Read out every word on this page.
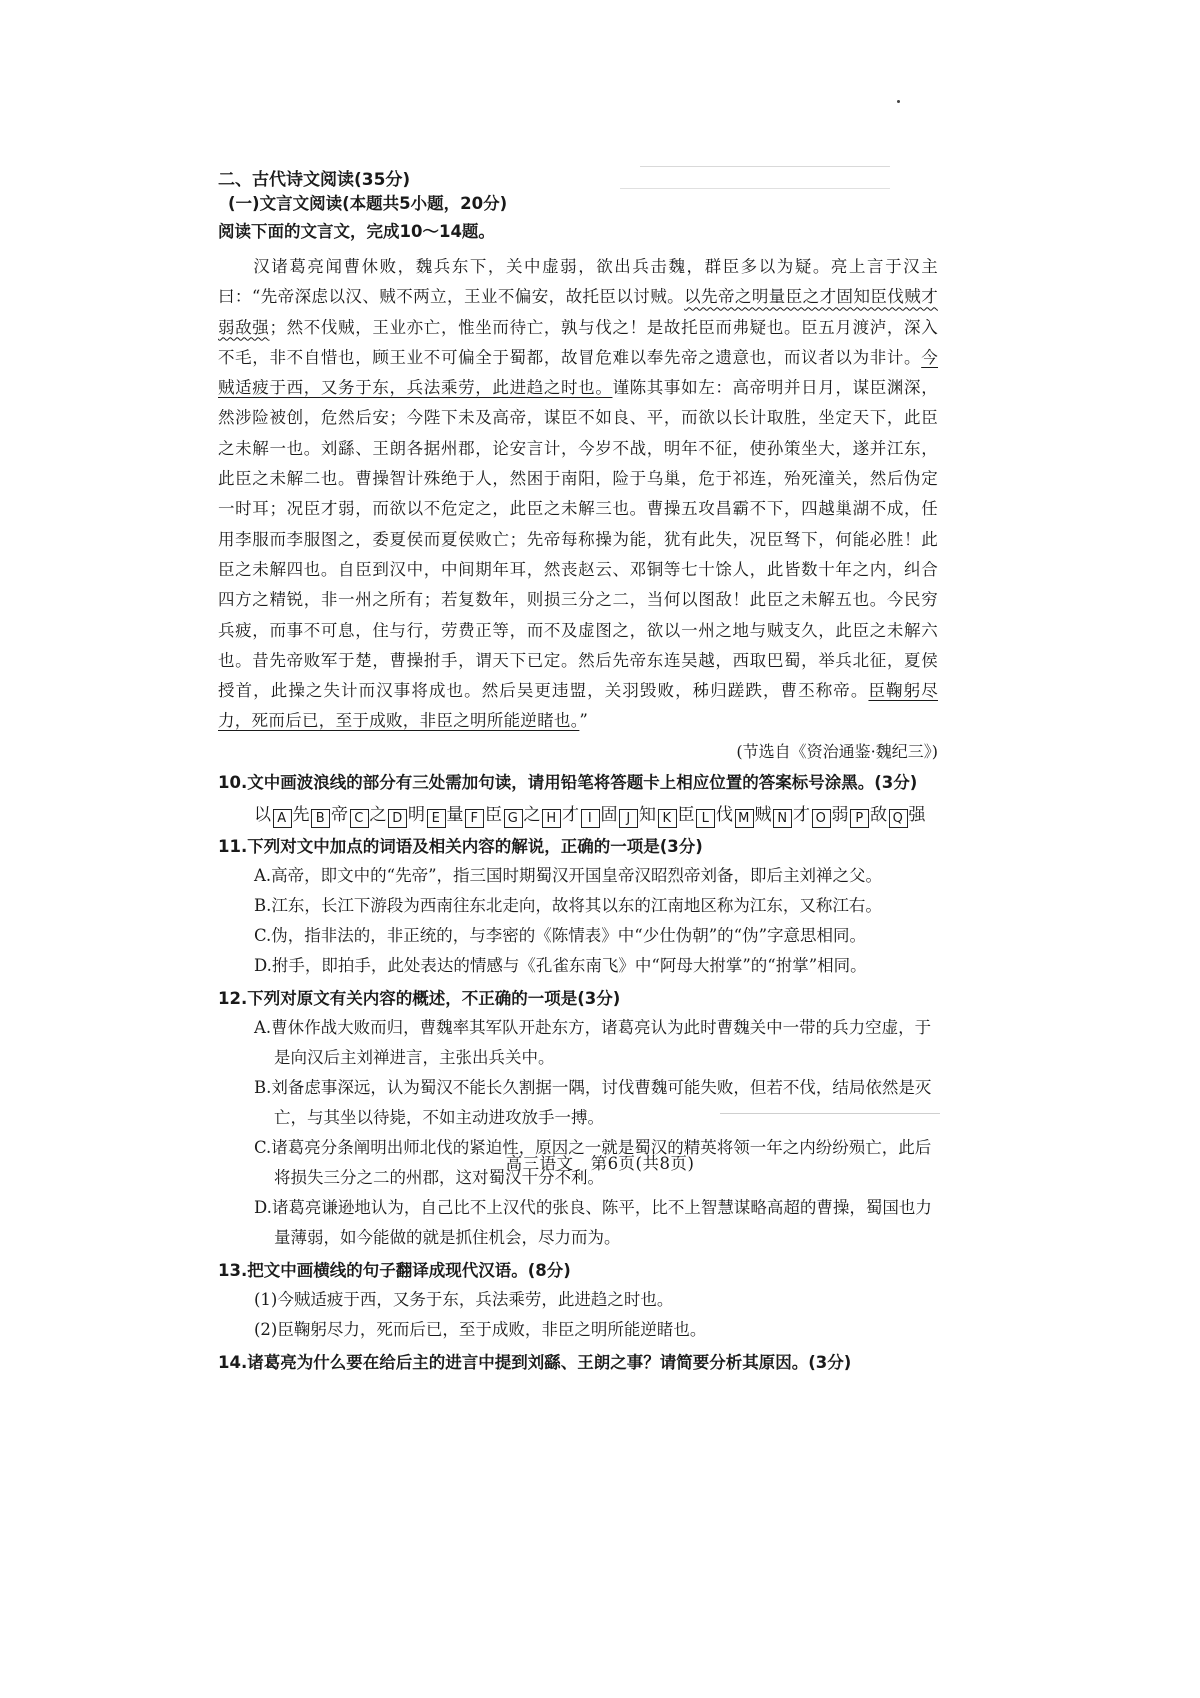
二、古代诗文阅读(35分)
(一)文言文阅读(本题共5小题，20分)
阅读下面的文言文，完成10～14题。
汉诸葛亮闻曹休败，魏兵东下，关中虚弱，欲出兵击魏，群臣多以为疑。亮上言于汉主曰：“先帝深虑以汉、贼不两立，王业不偏安，故托臣以讨贼。以先帝之明量臣之才固知臣伐贼才弱敌强；然不伐贼，王业亦亡，惟坐而待亡，孰与伐之！是故托臣而弗疑也。臣五月渡泸，深入不毛，非不自惜也，顾王业不可偏全于蜀都，故冒危难以奉先帝之遗意也，而议者以为非计。今贼适疲于西，又务于东，兵法乘劳，此进趋之时也。谨陈其事如左：高帝明并日月，谋臣渊深，然涉险被创，危然后安；今陛下未及高帝，谋臣不如良、平，而欲以长计取胜，坐定天下，此臣之未解一也。刘繇、王朗各据州郡，论安言计，今岁不战，明年不征，使孙策坐大，遂并江东，此臣之未解二也。曹操智计殊绝于人，然困于南阳，险于乌巢，危于祁连，殆死潼关，然后伪定一时耳；况臣才弱，而欲以不危定之，此臣之未解三也。曹操五攻昌霸不下，四越巢湖不成，任用李服而李服图之，委夏侯而夏侯败亡；先帝每称操为能，犹有此失，况臣驽下，何能必胜！此臣之未解四也。自臣到汉中，中间期年耳，然丧赵云、邓铜等七十馀人，此皆数十年之内，纠合四方之精锐，非一州之所有；若复数年，则损三分之二，当何以图敌！此臣之未解五也。今民穷兵疲，而事不可息，住与行，劳费正等，而不及虚图之，欲以一州之地与贼支久，此臣之未解六也。昔先帝败军于楚，曹操拊手，谓天下已定。然后先帝东连吴越，西取巴蜀，举兵北征，夏侯授首，此操之失计而汉事将成也。然后吴更违盟，关羽毁败，秭归蹉跌，曹丕称帝。臣鞠躬尽力，死而后已，至于成败，非臣之明所能逆睹也。”
(节选自《资治通鉴·魏纪三》)
10.文中画波浪线的部分有三处需加句读，请用铅笔将答题卡上相应位置的答案标号涂黑。(3分)
以 A 先 B 帝 C 之 D 明 E 量 F 臣 G 之 H 才 I 固 J 知 K 臣 L 伐 M 贼 N 才 O 弱 P 敌 Q 强
11.下列对文中加点的词语及相关内容的解说，正确的一项是(3分)
A.高帝，即文中的“先帝”，指三国时期蜀汉开国皇帝汉昭烈帝刘备，即后主刘禅之父。
B.江东，长江下游段为西南往东北走向，故将其以东的江南地区称为江东，又称江右。
C.伪，指非法的，非正统的，与李密的《陈情表》中“少仕伪朝”的“伪”字意思相同。
D.拊手，即拍手，此处表达的情感与《孔雀东南飞》中“阿母大拊掌”的“拊掌”相同。
12.下列对原文有关内容的概述，不正确的一项是(3分)
A.曹休作战大败而归，曹魏率其军队开赴东方，诸葛亮认为此时曹魏关中一带的兵力空虚，于是向汉后主刘禅进言，主张出兵关中。
B.刘备虑事深远，认为蜀汉不能长久割据一隅，讨伐曹魏可能失败，但若不伐，结局依然是灭亡，与其坐以待毙，不如主动进攻放手一搏。
C.诸葛亮分条阐明出师北伐的紧迫性，原因之一就是蜀汉的精英将领一年之内纷纷殒亡，此后将损失三分之二的州郡，这对蜀汉十分不利。
D.诸葛亮谦逊地认为，自己比不上汉代的张良、陈平，比不上智慧谋略高超的曹操，蜀国也力量薄弱，如今能做的就是抓住机会，尽力而为。
13.把文中画横线的句子翻译成现代汉语。(8分)
(1)今贼适疲于西，又务于东，兵法乘劳，此进趋之时也。
(2)臣鞠躬尽力，死而后已，至于成败，非臣之明所能逆睹也。
14.诸葛亮为什么要在给后主的进言中提到刘繇、王朗之事？请简要分析其原因。(3分)
高三语文　第6页(共8页)
